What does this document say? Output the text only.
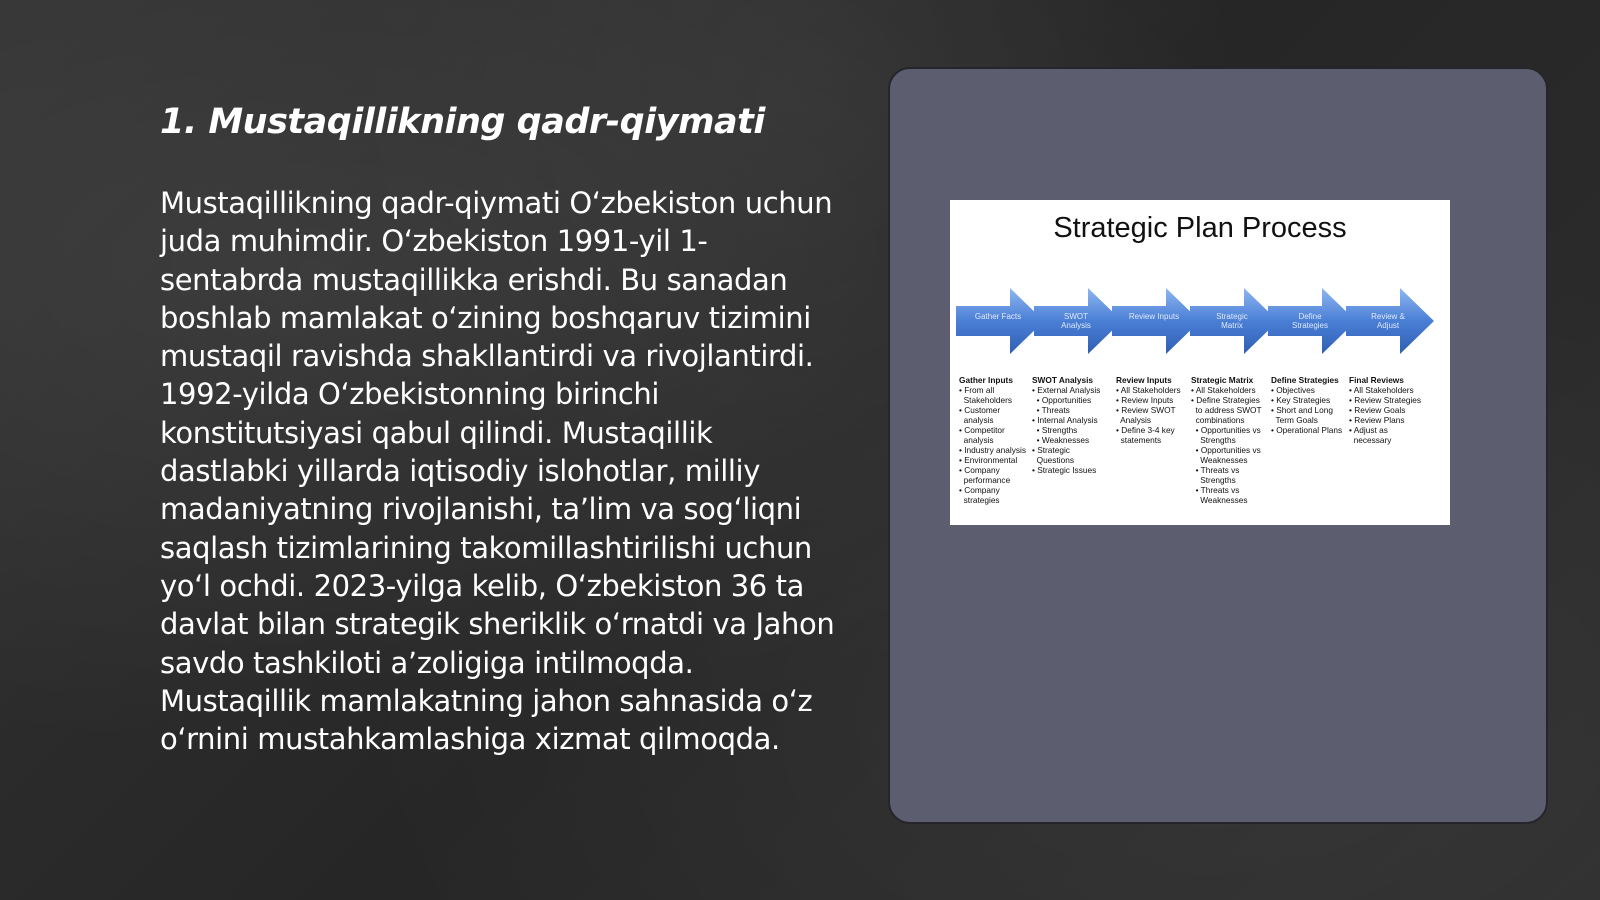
1. Mustaqillikning qadr-qiymati

Mustaqillikning qadr-qiymati O‘zbekiston uchun juda muhimdir. O‘zbekiston 1991-yil 1-sentabrda mustaqillikka erishdi. Bu sanadan boshlab mamlakat o‘zining boshqaruv tizimini mustaqil ravishda shakllantirdi va rivojlantirdi. 1992-yilda O‘zbekistonning birinchi konstitutsiyasi qabul qilindi. Mustaqillik dastlabki yillarda iqtisodiy islohotlar, milliy madaniyatning rivojlanishi, ta’lim va sog‘liqni saqlash tizimlarining takomillashtirilishi uchun yo‘l ochdi. 2023-yilga kelib, O‘zbekiston 36 ta davlat bilan strategik sheriklik o‘rnatdi va Jahon savdo tashkiloti a’zoligiga intilmoqda. Mustaqillik mamlakatning jahon sahnasida o‘z o‘rnini mustahkamlashiga xizmat qilmoqda.

Strategic Plan Process
Gather Facts	SWOT Analysis
Review Inputs	Strategic Matrix
Define Strategies
Review & Adjust
Gather Inputs
• From all
Stakeholders
• Customer
analysis
• Competitor
analysis
• Industry analysis
• Environmental
• Company
performance
• Company
strategies
SWOT Analysis
• External Analysis
• Opportunities
• Threats
• Internal Analysis
• Strengths
• Weaknesses
• Strategic
Questions
• Strategic Issues
Review Inputs
• All Stakeholders
• Review Inputs
• Review SWOT
Analysis
• Define 3-4 key
statements
Strategic Matrix
• All Stakeholders
• Define Strategies
to address SWOT
combinations
• Opportunities vs
Strengths
• Opportunities vs
Weaknesses
• Threats vs
Strengths
• Threats vs
Weaknesses
Define Strategies
• Objectives
• Key Strategies
• Short and Long
Term Goals
• Operational Plans
Final Reviews
• All Stakeholders
• Review Strategies
• Review Goals
• Review Plans
• Adjust as
necessary
